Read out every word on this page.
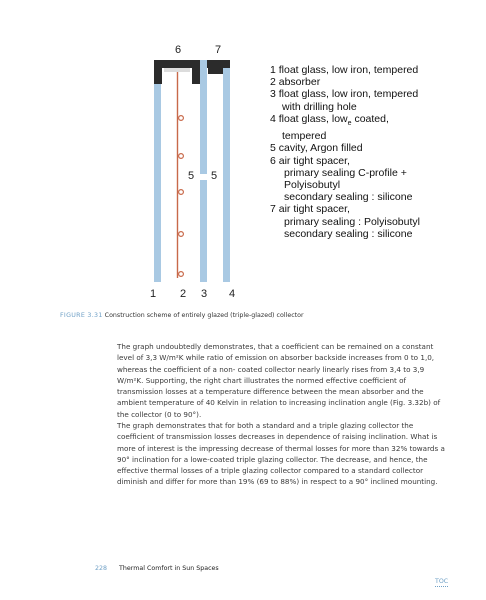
6	7
5 5
1 2 3 4
1 float glass, low iron, tempered
2 absorber
3 float glass, low iron, tempered
with drilling hole
4 float glass, low$_e$ coated,
tempered
5 cavity, Argon filled
6 air tight spacer,
primary sealing C-profile +
Polyisobutyl
secondary sealing : silicone
7 air tight spacer,
primary sealing : Polyisobutyl
secondary sealing : silicone
FIGURE 3.31 Construction scheme of entirely glazed (triple-glazed) collector

The graph undoubtedly demonstrates, that a coefficient can be remained on a constant level of 3,3 W/m²K while ratio of emission on absorber backside increases from 0 to 1,0, whereas the coefficient of a non- coated collector nearly linearly rises from 3,4 to 3,9 W/m²K. Supporting, the right chart illustrates the normed effective coefficient of transmission losses at a temperature difference between the mean absorber and the ambient temperature of 40 Kelvin in relation to increasing inclination angle (Fig. 3.32b) of the collector (0 to 90°).

The graph demonstrates that for both a standard and a triple glazing collector the coefficient of transmission losses decreases in dependence of raising inclination. What is more of interest is the impressing decrease of thermal losses for more than 32% towards a 90° inclination for a lowe-coated triple glazing collector. The decrease, and hence, the effective thermal losses of a triple glazing collector compared to a standard collector diminish and differ for more than 19% (69 to 88%) in respect to a 90° inclined mounting.

228 Thermal Comfort in Sun Spaces
TOC
